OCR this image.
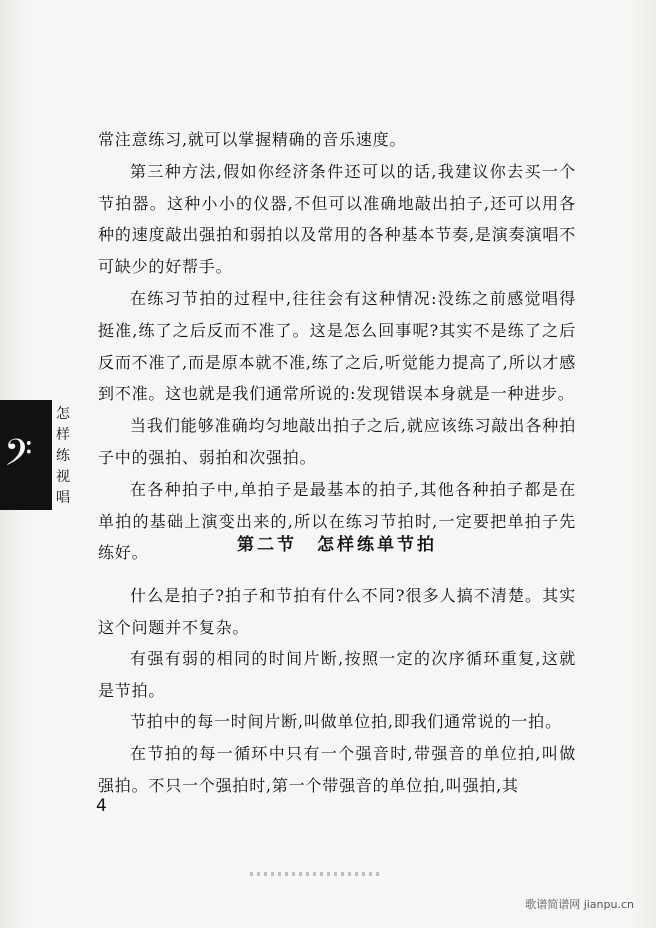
常注意练习,就可以掌握精确的音乐速度。

第三种方法,假如你经济条件还可以的话,我建议你去买一个节拍器。这种小小的仪器,不但可以准确地敲出拍子,还可以用各种的速度敲出强拍和弱拍以及常用的各种基本节奏,是演奏演唱不可缺少的好帮手。

在练习节拍的过程中,往往会有这种情况:没练之前感觉唱得挺准,练了之后反而不准了。这是怎么回事呢?其实不是练了之后反而不准了,而是原本就不准,练了之后,听觉能力提高了,所以才感到不准。这也就是我们通常所说的:发现错误本身就是一种进步。

当我们能够准确均匀地敲出拍子之后,就应该练习敲出各种拍子中的强拍、弱拍和次强拍。

在各种拍子中,单拍子是最基本的拍子,其他各种拍子都是在单拍的基础上演变出来的,所以在练习节拍时,一定要把单拍子先练好。	第二节　怎样练单节拍

什么是拍子?拍子和节拍有什么不同?很多人搞不清楚。其实这个问题并不复杂。

有强有弱的相同的时间片断,按照一定的次序循环重复,这就是节拍。

节拍中的每一时间片断,叫做单位拍,即我们通常说的一拍。

在节拍的每一循环中只有一个强音时,带强音的单位拍,叫做强拍。不只一个强拍时,第一个带强音的单位拍,叫强拍,其

𝄢
怎
样
练
视
唱
4
歌谱简谱网 jianpu.cn
